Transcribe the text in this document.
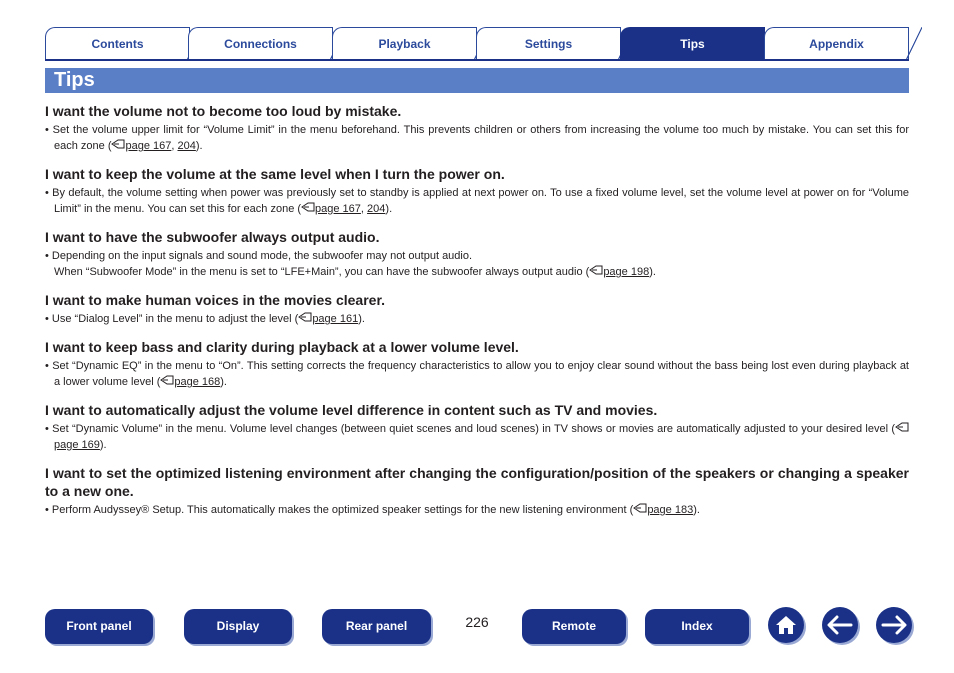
Contents	Connections	Playback	Settings	Tips	Appendix
Tips
I want the volume not to become too loud by mistake.

• Set the volume upper limit for “Volume Limit” in the menu beforehand. This prevents children or others from increasing the volume too much by mistake. You can set this for each zone ( page 167, 204).

I want to keep the volume at the same level when I turn the power on.

• By default, the volume setting when power was previously set to standby is applied at next power on. To use a fixed volume level, set the volume level at power on for “Volume Limit” in the menu. You can set this for each zone ( page 167, 204).

I want to have the subwoofer always output audio.

• Depending on the input signals and sound mode, the subwoofer may not output audio.
When “Subwoofer Mode” in the menu is set to “LFE+Main”, you can have the subwoofer always output audio ( page 198).

I want to make human voices in the movies clearer.

• Use “Dialog Level” in the menu to adjust the level ( page 161).

I want to keep bass and clarity during playback at a lower volume level.

• Set “Dynamic EQ” in the menu to “On”. This setting corrects the frequency characteristics to allow you to enjoy clear sound without the bass being lost even during playback at a lower volume level ( page 168).

I want to automatically adjust the volume level difference in content such as TV and movies.

• Set “Dynamic Volume” in the menu. Volume level changes (between quiet scenes and loud scenes) in TV shows or movies are automatically adjusted to your desired level (page 169).

I want to set the optimized listening environment after changing the configuration/position of the speakers or changing a speaker to a new one.

• Perform Audyssey® Setup. This automatically makes the optimized speaker settings for the new listening environment ( page 183).

Front panel	Display	Rear panel	226	Remote	Index
